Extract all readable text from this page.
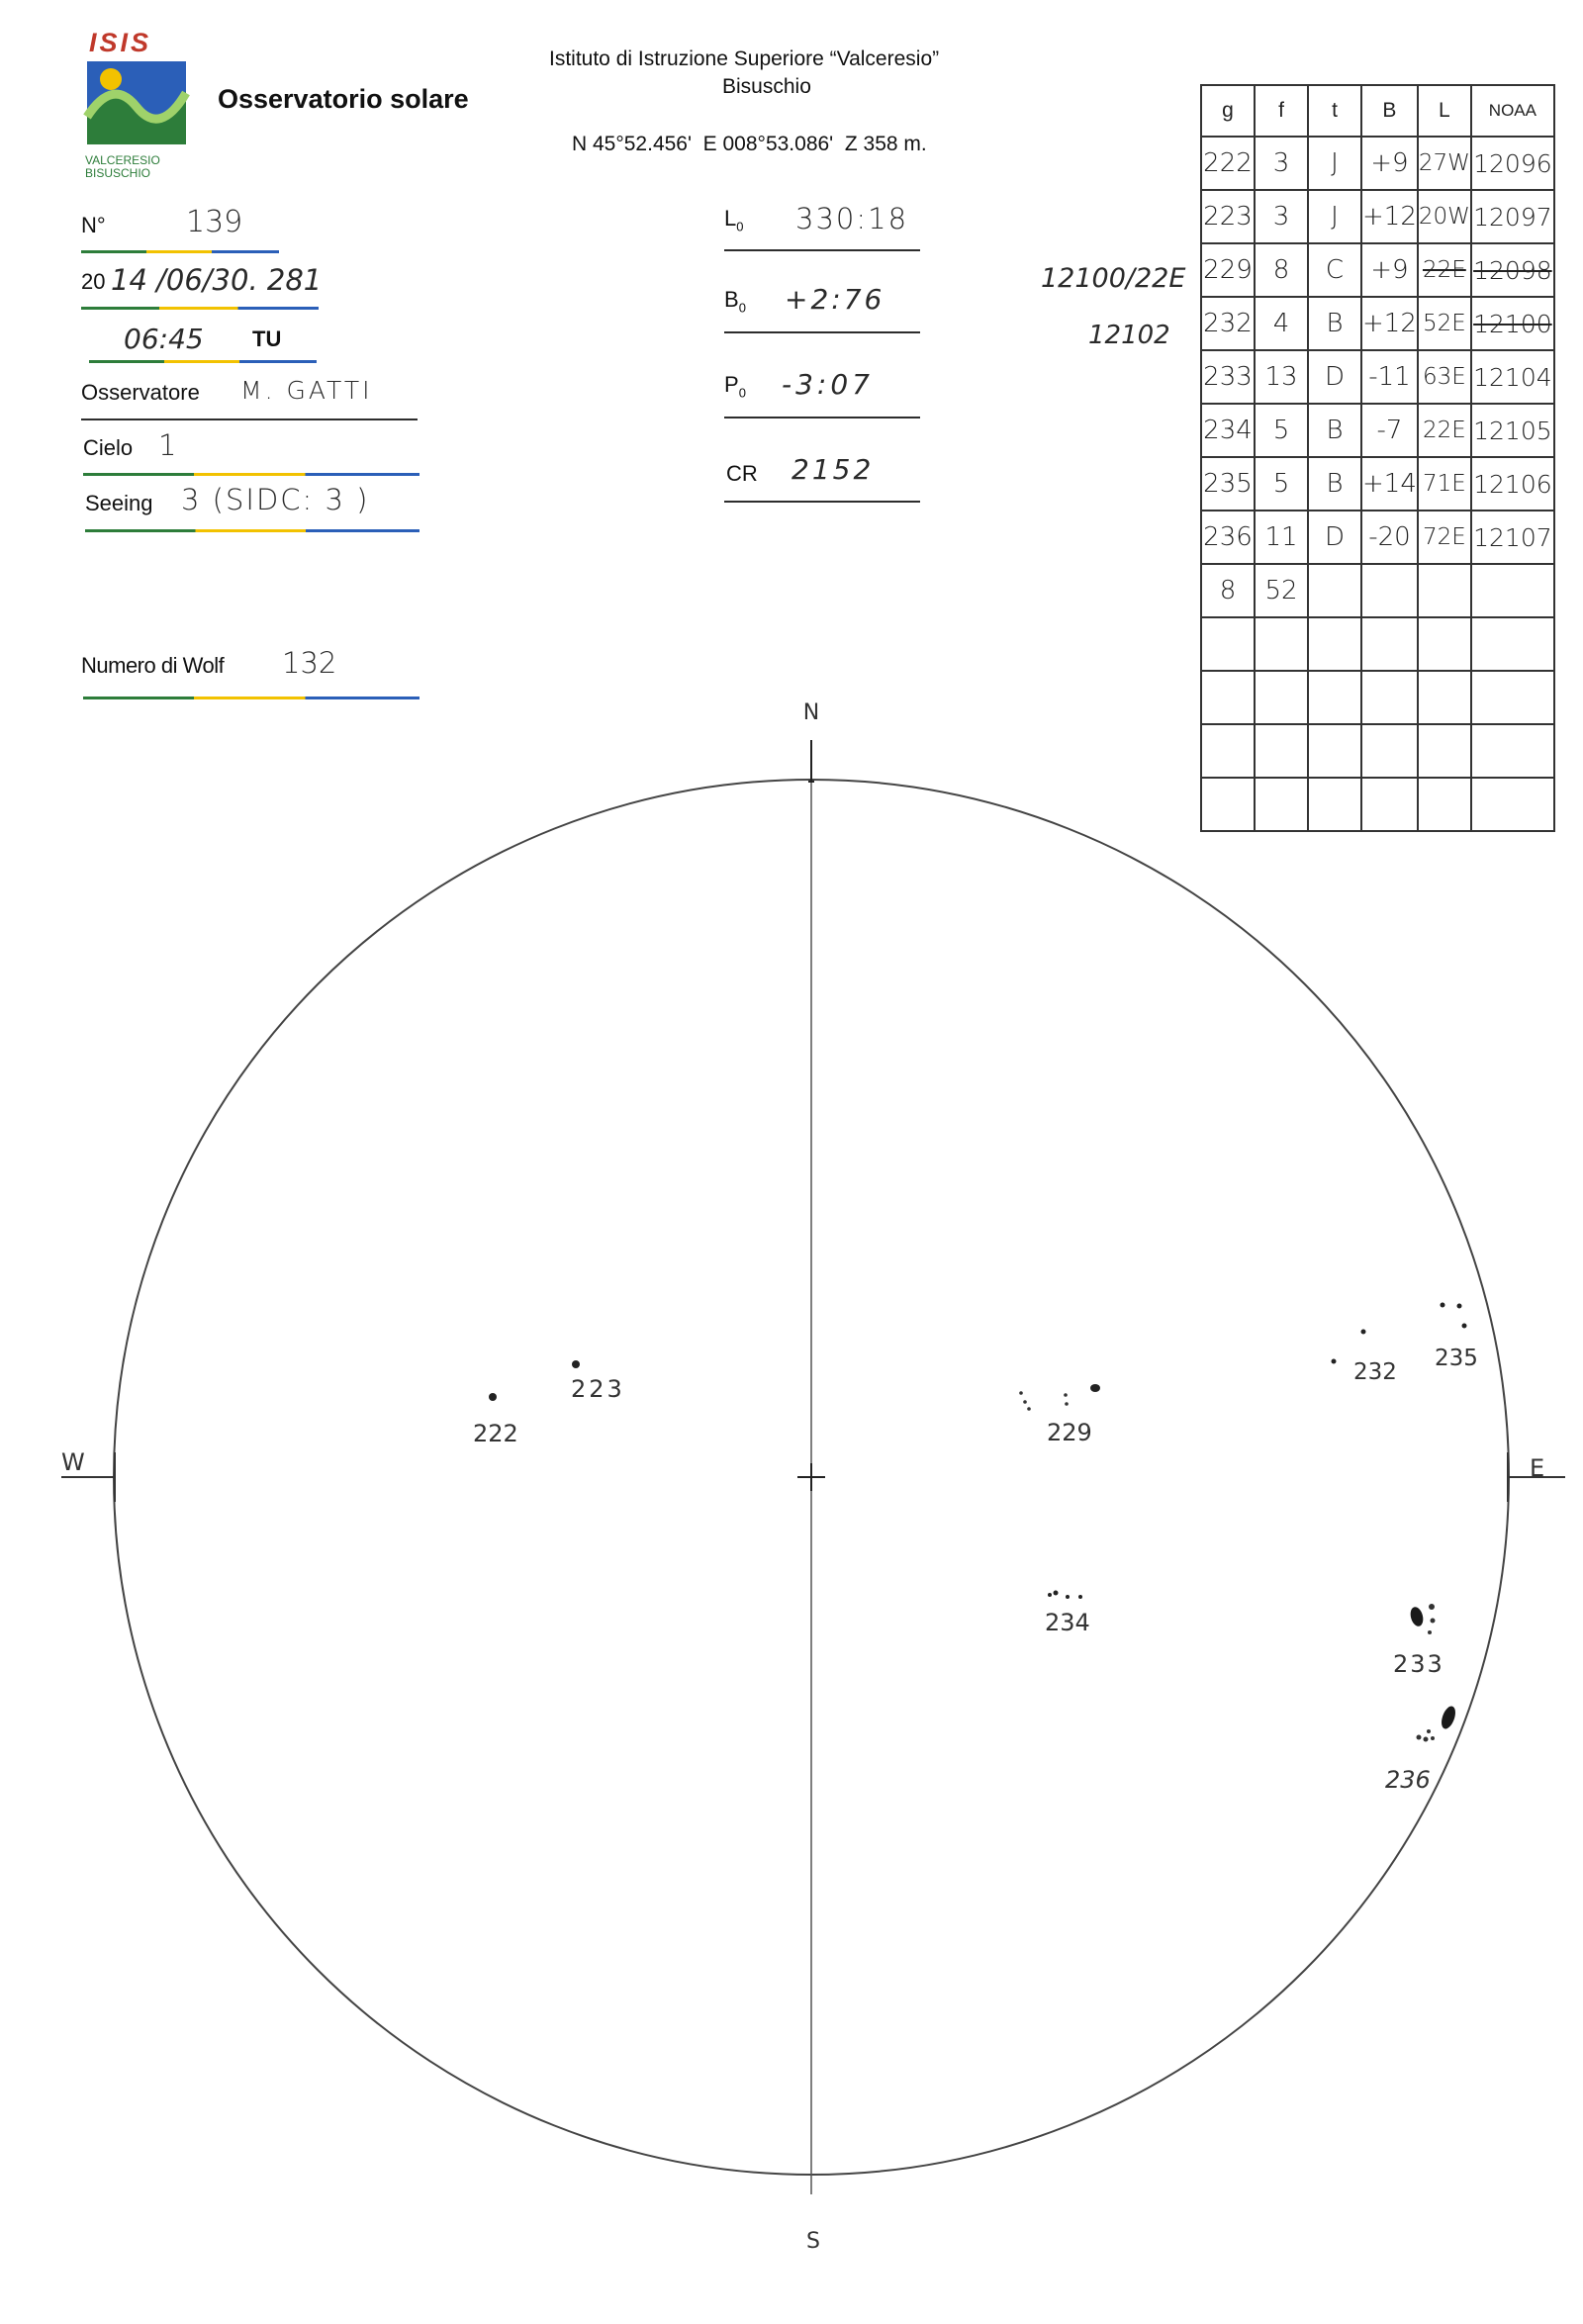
ISIS
VALCERESIO
BISUSCHIO
Osservatorio solare
Istituto di Istruzione Superiore “Valceresio”
Bisuschio
N 45°52.456'  E 008°53.086'  Z 358 m.
N°	139
20 14 /06/30. 281
06:45 TU
Osservatore M. GATTI
Cielo 1
Seeing 3 (SIDC: 3 )
Numero di Wolf 132
$L_0$ 330:18
$B_0$ +2:76
$P_0$ -3:07
CR 2152
12100/22E
12102
g	f	t	B	L	NOAA
222	3	J	+9	27W	12096
223	3	J	+12	20W	12097
229	8	C	+9	22E	12098
232	4	B	+12	52E	12100
233	13	D	-11	63E	12104
234	5	B	-7	22E	12105
235	5	B	+14	71E	12106
236	11	D	-20	72E	12107
8	52				

N
S
W	E
222
223
229
232
235
234
233
236
